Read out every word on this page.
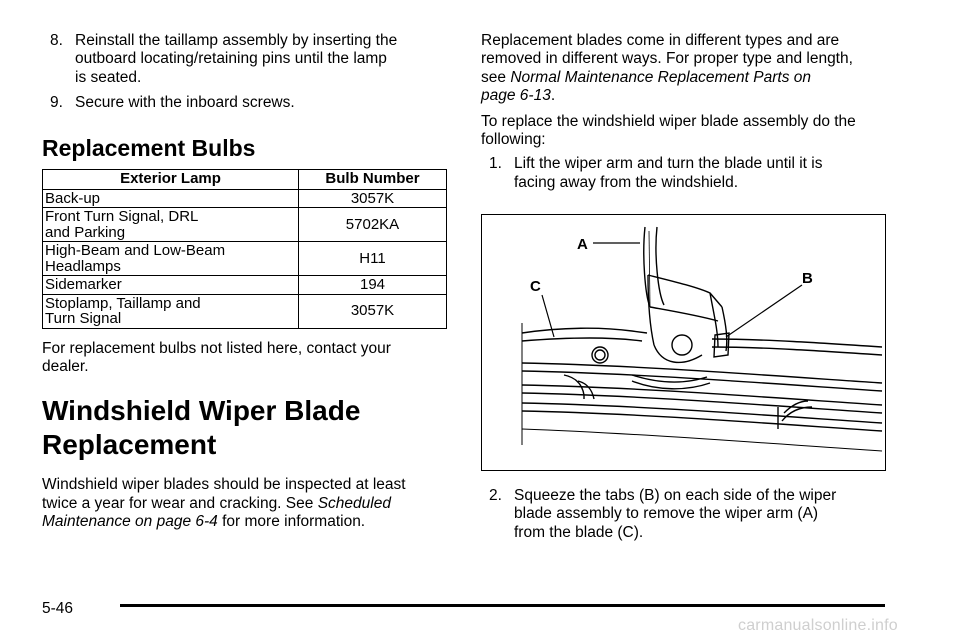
8. Reinstall the taillamp assembly by inserting the
outboard locating/retaining pins until the lamp
is seated.
9. Secure with the inboard screws.
Replacement Bulbs
Exterior Lamp	Bulb Number

Back-up	3057K

Front Turn Signal, DRL
and Parking	5702KA

High-Beam and Low-Beam
Headlamps	H11

Sidemarker	194

Stoplamp, Taillamp and
Turn Signal	3057K
For replacement bulbs not listed here, contact your
dealer.
Windshield Wiper Blade
Replacement
Windshield wiper blades should be inspected at least
twice a year for wear and cracking. See Scheduled
Maintenance on page 6-4 for more information.
Replacement blades come in different types and are
removed in different ways. For proper type and length,
see Normal Maintenance Replacement Parts on
page 6-13.
To replace the windshield wiper blade assembly do the
following:
1. Lift the wiper arm and turn the blade until it is
facing away from the windshield.
A
B
C
2. Squeeze the tabs (B) on each side of the wiper
blade assembly to remove the wiper arm (A)
from the blade (C).
5-46
carmanualsonline.info
